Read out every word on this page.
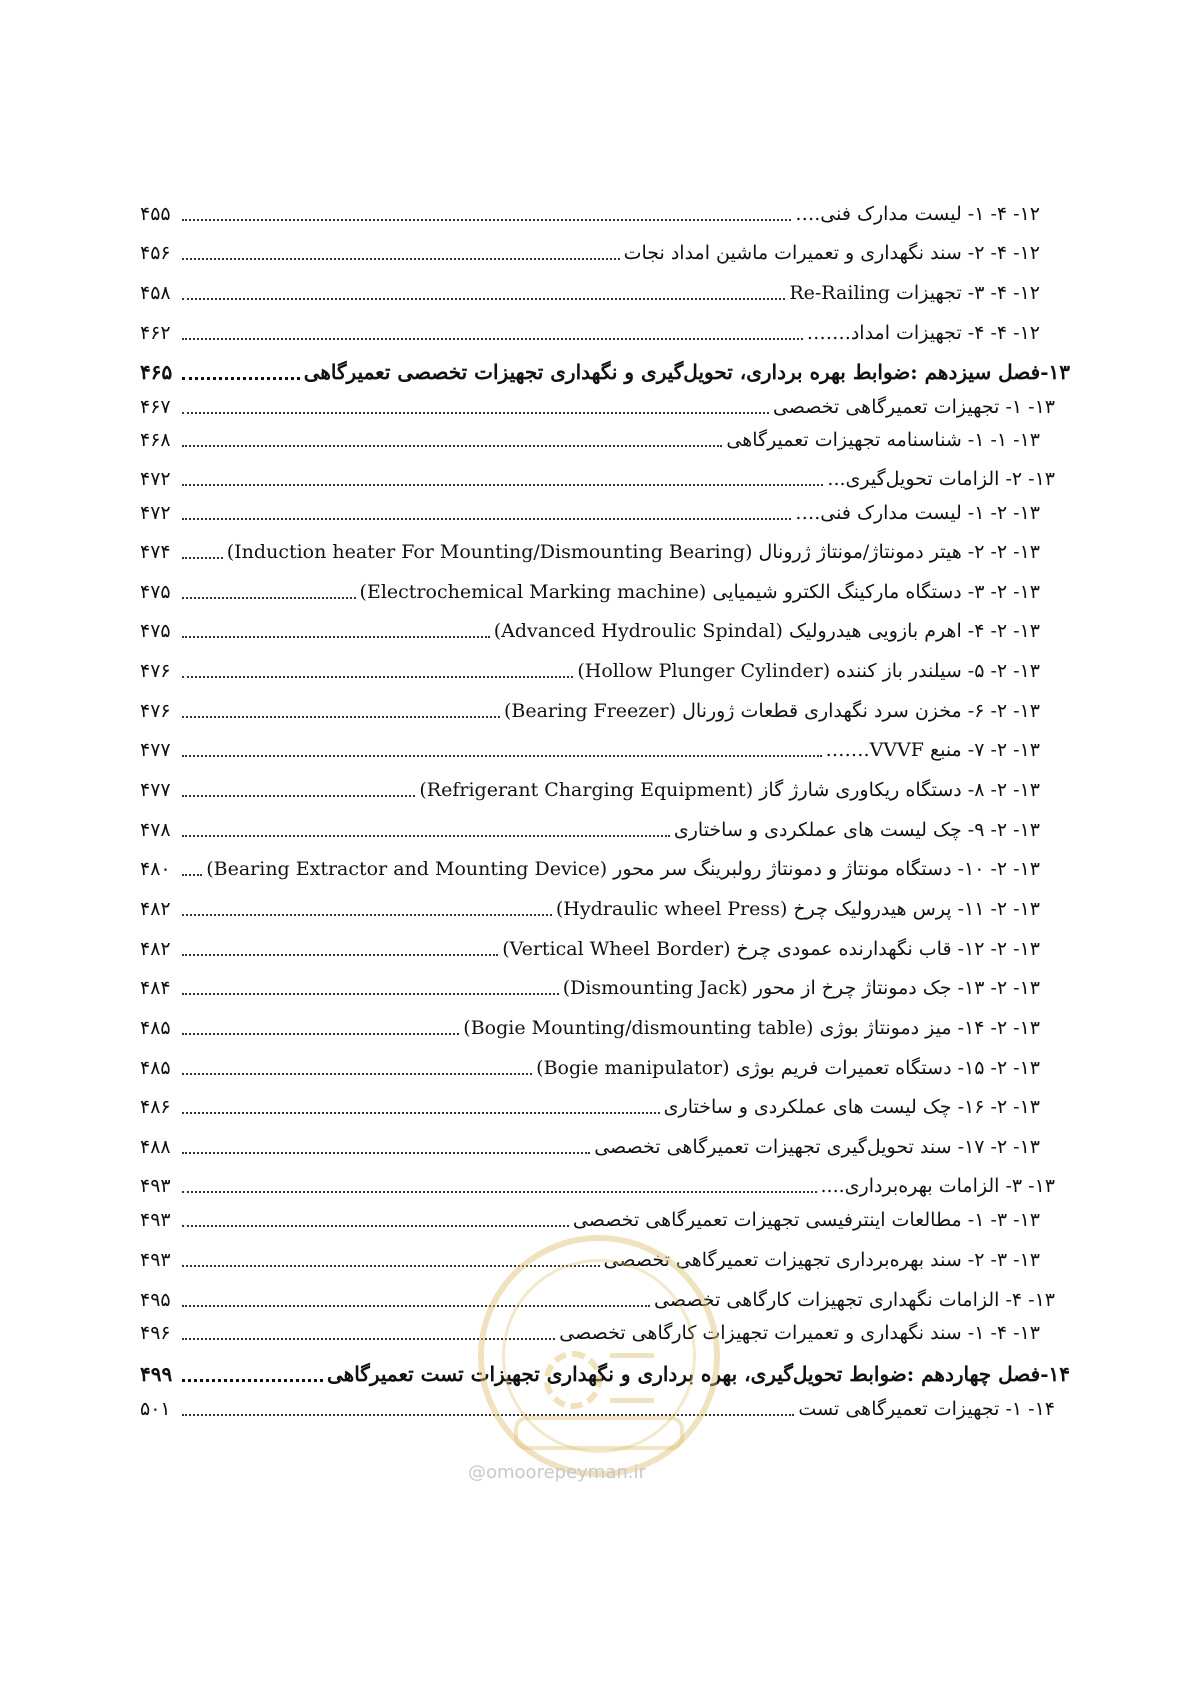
۱۲- ۴- ۱- لیست مدارک فنی.…
۴۵۵
۱۲- ۴- ۲- سند نگهداری و تعمیرات ماشین امداد نجات
۴۵۶
۱۲- ۴- ۳- تجهیزات Re-Railing
۴۵۸
۱۲- ۴- ۴- تجهیزات امداد.……
۴۶۲
۱۳-فصل سیزدهم :ضوابط بهره برداری، تحویل‌گیری و نگهداری تجهیزات تخصصی تعمیرگاهی
۴۶۵
۱۳- ۱- تجهیزات تعمیرگاهی تخصصی
۴۶۷
۱۳- ۱- ۱- شناسنامه تجهیزات تعمیرگاهی
۴۶۸
۱۳- ۲- الزامات تحویل‌گیری...
۴۷۲
۱۳- ۲- ۱- لیست مدارک فنی.…
۴۷۲
۱۳- ۲- ۲- هیتر دمونتاژ/مونتاژ ژرونال (Induction heater For Mounting/Dismounting Bearing)
۴۷۴
۱۳- ۲- ۳- دستگاه مارکینگ الکترو شیمیایی (Electrochemical Marking machine)
۴۷۵
۱۳- ۲- ۴- اهرم بازویی هیدرولیک (Advanced Hydroulic Spindal)
۴۷۵
۱۳- ۲- ۵- سیلندر باز کننده (Hollow Plunger Cylinder)
۴۷۶
۱۳- ۲- ۶- مخزن سرد نگهداری قطعات ژورنال (Bearing Freezer)
۴۷۶
۱۳- ۲- ۷- منبع VVVF.……
۴۷۷
۱۳- ۲- ۸- دستگاه ریکاوری شارژ گاز (Refrigerant Charging Equipment)
۴۷۷
۱۳- ۲- ۹- چک لیست های عملکردی و ساختاری
۴۷۸
۱۳- ۲- ۱۰- دستگاه مونتاژ و دمونتاژ رولبرینگ سر محور (Bearing Extractor and Mounting Device)
۴۸۰
۱۳- ۲- ۱۱- پرس هیدرولیک چرخ (Hydraulic wheel Press)
۴۸۲
۱۳- ۲- ۱۲- قاب نگهدارنده عمودی چرخ (Vertical Wheel Border)
۴۸۲
۱۳- ۲- ۱۳- جک دمونتاژ چرخ از محور (Dismounting Jack)
۴۸۴
۱۳- ۲- ۱۴- میز دمونتاژ بوژی (Bogie Mounting/dismounting table)
۴۸۵
۱۳- ۲- ۱۵- دستگاه تعمیرات فریم بوژی (Bogie manipulator)
۴۸۵
۱۳- ۲- ۱۶- چک لیست های عملکردی و ساختاری
۴۸۶
۱۳- ۲- ۱۷- سند تحویل‌گیری تجهیزات تعمیرگاهی تخصصی
۴۸۸
۱۳- ۳- الزامات بهره‌برداری....
۴۹۳
۱۳- ۳- ۱- مطالعات اینترفیسی تجهیزات تعمیرگاهی تخصصی
۴۹۳
۱۳- ۳- ۲- سند بهره‌برداری تجهیزات تعمیرگاهی تخصصی
۴۹۳
۱۳- ۴- الزامات نگهداری تجهیزات کارگاهی تخصصی
۴۹۵
۱۳- ۴- ۱- سند نگهداری و تعمیرات تجهیزات کارگاهی تخصصی
۴۹۶
۱۴-فصل چهاردهم :ضوابط تحویل‌گیری، بهره برداری و نگهداری تجهیزات تست تعمیرگاهی
۴۹۹
۱۴- ۱- تجهیزات تعمیرگاهی تست
۵۰۱
@omoorepeyman.ir
